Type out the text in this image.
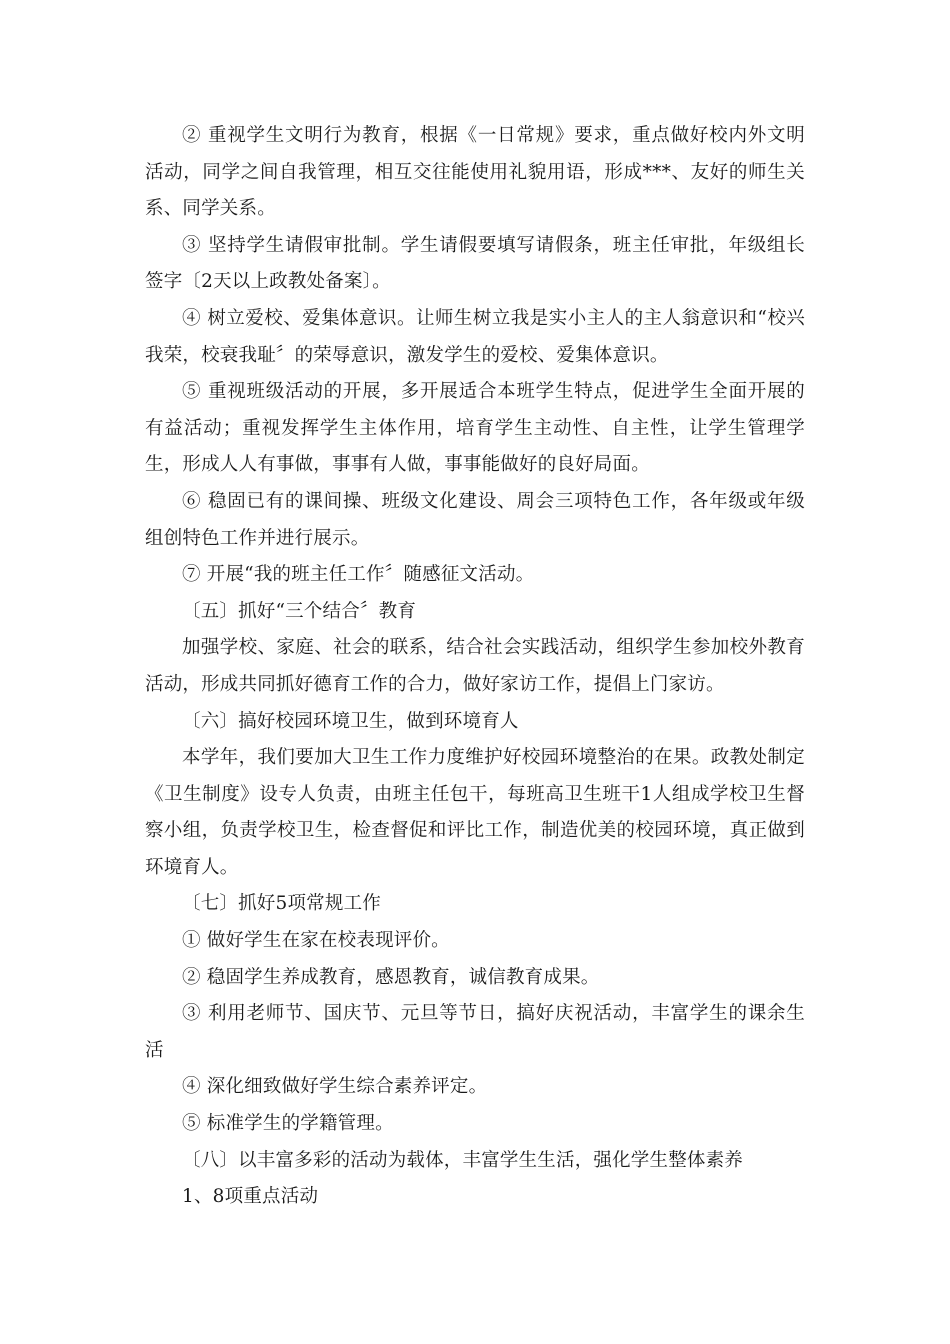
② 重视学生文明行为教育，根据《一日常规》要求，重点做好校内外文明活动，同学之间自我管理，相互交往能使用礼貌用语，形成***、友好的师生关系、同学关系。

③ 坚持学生请假审批制。学生请假要填写请假条，班主任审批，年级组长签字〔2天以上政教处备案〕。

④ 树立爱校、爱集体意识。让师生树立我是实小主人的主人翁意识和“校兴我荣，校衰我耻〞的荣辱意识，激发学生的爱校、爱集体意识。

⑤ 重视班级活动的开展，多开展适合本班学生特点，促进学生全面开展的有益活动；重视发挥学生主体作用，培育学生主动性、自主性，让学生管理学生，形成人人有事做，事事有人做，事事能做好的良好局面。

⑥ 稳固已有的课间操、班级文化建设、周会三项特色工作，各年级或年级组创特色工作并进行展示。

⑦ 开展“我的班主任工作〞随感征文活动。

〔五〕抓好“三个结合〞教育

加强学校、家庭、社会的联系，结合社会实践活动，组织学生参加校外教育活动，形成共同抓好德育工作的合力，做好家访工作，提倡上门家访。

〔六〕搞好校园环境卫生，做到环境育人

本学年，我们要加大卫生工作力度维护好校园环境整治的在果。政教处制定《卫生制度》设专人负责，由班主任包干，每班高卫生班干1人组成学校卫生督察小组，负责学校卫生，检查督促和评比工作，制造优美的校园环境，真正做到环境育人。

〔七〕抓好5项常规工作

① 做好学生在家在校表现评价。

② 稳固学生养成教育，感恩教育，诚信教育成果。

③ 利用老师节、国庆节、元旦等节日，搞好庆祝活动，丰富学生的课余生活

④ 深化细致做好学生综合素养评定。

⑤ 标准学生的学籍管理。

〔八〕以丰富多彩的活动为载体，丰富学生生活，强化学生整体素养

1、8项重点活动
